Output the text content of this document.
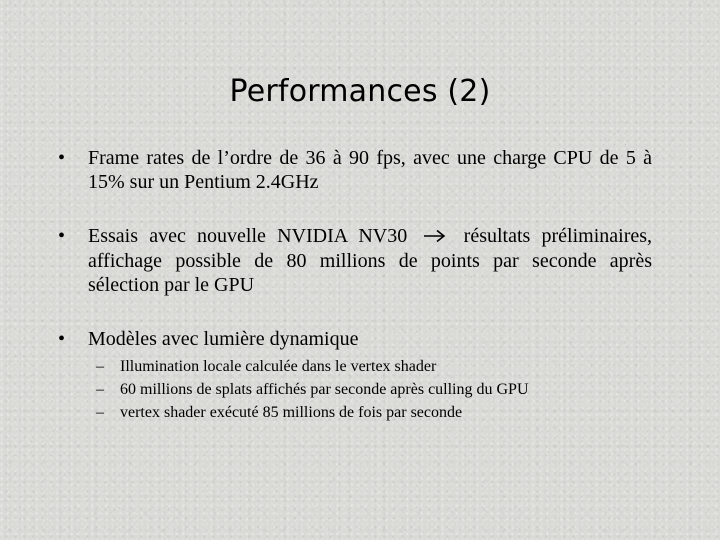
Performances (2)
• Frame rates de l’ordre de 36 à 90 fps, avec une charge CPU de 5 à 15% sur un Pentium 2.4GHz
• Essais avec nouvelle NVIDIA NV30	résultats préliminaires, affichage possible de 80 millions de points par seconde après sélection par le GPU
• Modèles avec lumière dynamique
– Illumination locale calculée dans le vertex shader
– 60 millions de splats affichés par seconde après culling du GPU
– vertex shader exécuté 85 millions de fois par seconde
